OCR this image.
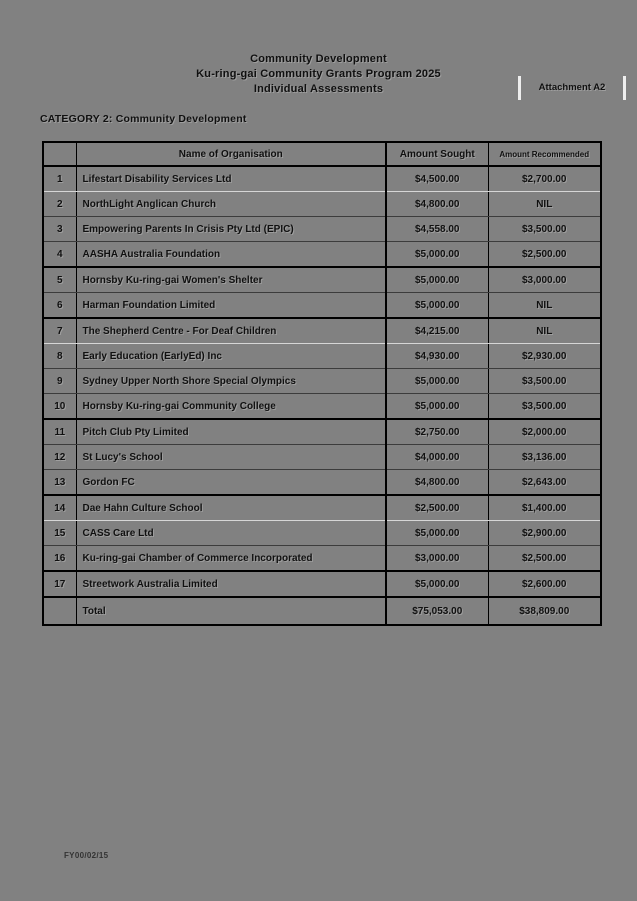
Community Development
Ku-ring-gai Community Grants Program 2025
Individual Assessments	Attachment A2
CATEGORY 2: Community Development
	Name of Organisation	Amount Sought	Amount Recommended
1	Lifestart Disability Services Ltd	$4,500.00	$2,700.00
2	NorthLight Anglican Church	$4,800.00	NIL
3	Empowering Parents In Crisis Pty Ltd (EPIC)	$4,558.00	$3,500.00
4	AASHA Australia Foundation	$5,000.00	$2,500.00
5	Hornsby Ku-ring-gai Women's Shelter	$5,000.00	$3,000.00
6	Harman Foundation Limited	$5,000.00	NIL
7	The Shepherd Centre - For Deaf Children	$4,215.00	NIL
8	Early Education (EarlyEd) Inc	$4,930.00	$2,930.00
9	Sydney Upper North Shore Special Olympics	$5,000.00	$3,500.00
10	Hornsby Ku-ring-gai Community College	$5,000.00	$3,500.00
11	Pitch Club Pty Limited	$2,750.00	$2,000.00
12	St Lucy's School	$4,000.00	$3,136.00
13	Gordon FC	$4,800.00	$2,643.00
14	Dae Hahn Culture School	$2,500.00	$1,400.00
15	CASS Care Ltd	$5,000.00	$2,900.00
16	Ku-ring-gai Chamber of Commerce Incorporated	$3,000.00	$2,500.00
17	Streetwork Australia Limited	$5,000.00	$2,600.00
	Total	$75,053.00	$38,809.00
FY00/02/15
